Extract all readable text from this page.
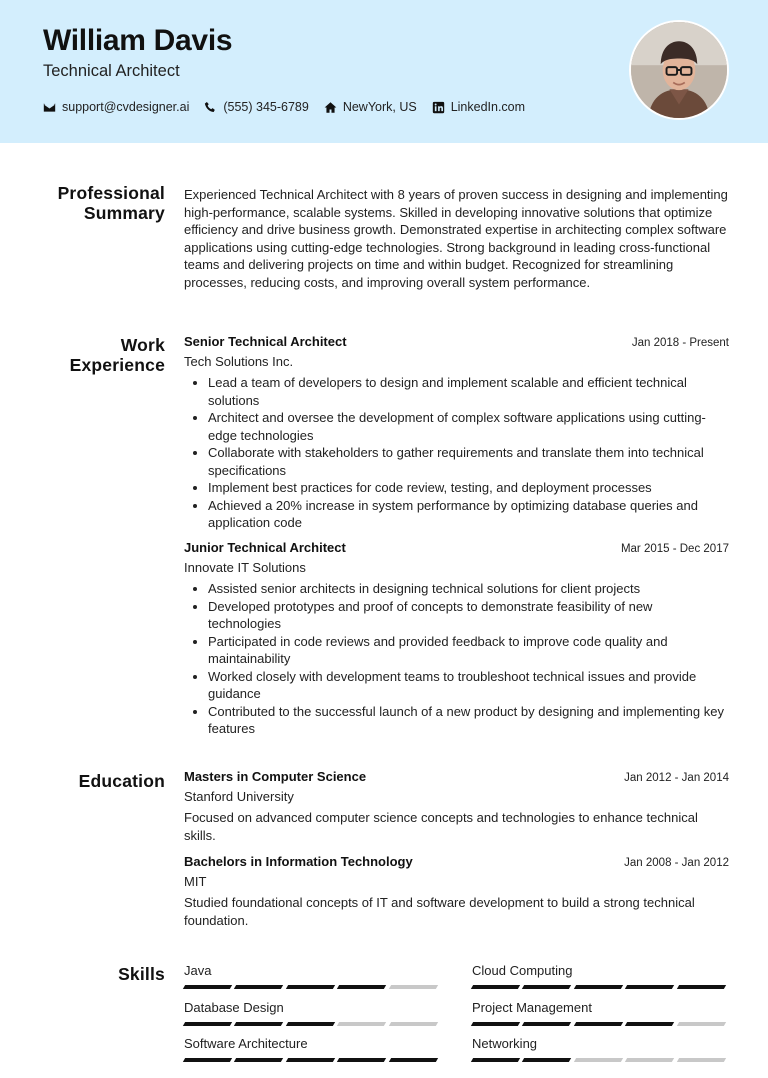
William Davis
Technical Architect
support@cvdesigner.ai	(555) 345-6789	NewYork, US	LinkedIn.com
Professional
Summary

Experienced Technical Architect with 8 years of proven success in designing and implementing high-performance, scalable systems. Skilled in developing innovative solutions that optimize efficiency and drive business growth. Demonstrated expertise in architecting complex software applications using cutting-edge technologies. Strong background in leading cross-functional teams and delivering projects on time and within budget. Recognized for streamlining processes, reducing costs, and improving overall system performance.

Work
Experience
Senior Technical Architect	Jan 2018 - Present
Tech Solutions Inc.
• Lead a team of developers to design and implement scalable and efficient technical solutions
• Architect and oversee the development of complex software applications using cutting-edge technologies
• Collaborate with stakeholders to gather requirements and translate them into technical specifications
• Implement best practices for code review, testing, and deployment processes
• Achieved a 20% increase in system performance by optimizing database queries and application code
Junior Technical Architect	Mar 2015 - Dec 2017
Innovate IT Solutions
• Assisted senior architects in designing technical solutions for client projects
• Developed prototypes and proof of concepts to demonstrate feasibility of new technologies
• Participated in code reviews and provided feedback to improve code quality and maintainability
• Worked closely with development teams to troubleshoot technical issues and provide guidance
• Contributed to the successful launch of a new product by designing and implementing key features
Education Masters in Computer Science	Jan 2012 - Jan 2014
Stanford University

Focused on advanced computer science concepts and technologies to enhance technical skills.

Bachelors in Information Technology	Jan 2008 - Jan 2012
MIT

Studied foundational concepts of IT and software development to build a strong technical foundation.

Skills Java	Cloud Computing
Database Design	Project Management
Software Architecture	Networking
